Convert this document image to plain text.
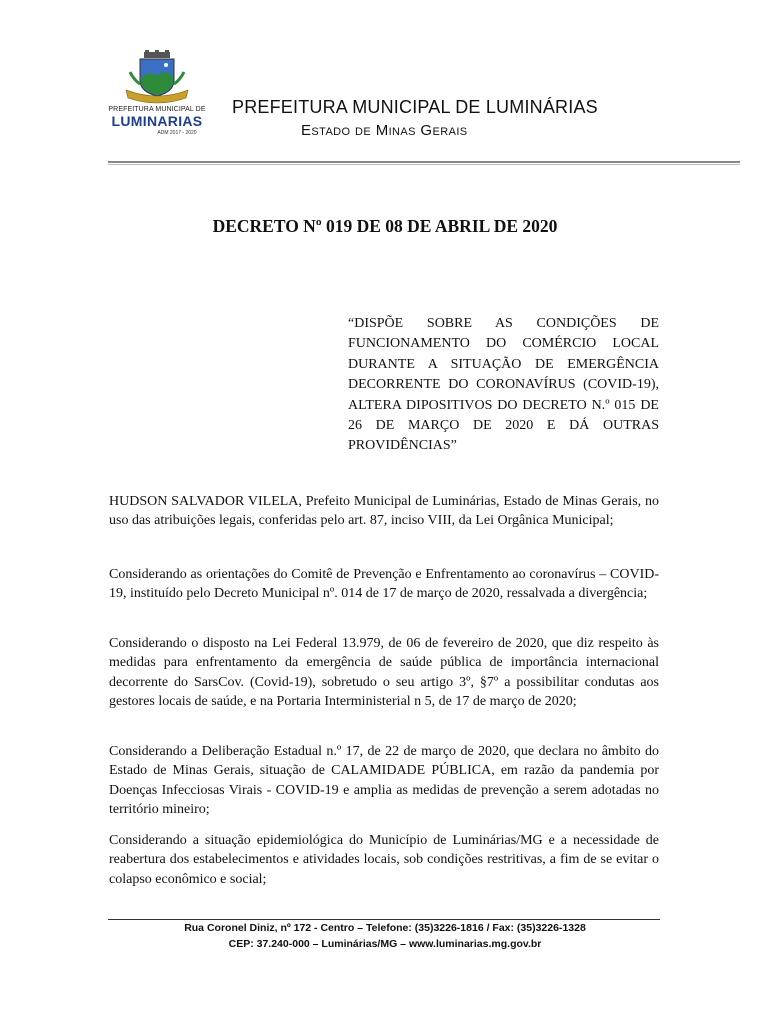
PREFEITURA MUNICIPAL DE
LUMINARIAS
ADM 2017 - 2020
PREFEITURA MUNICIPAL DE LUMINÁRIAS
Estado de Minas Gerais
DECRETO Nº 019 DE 08 DE ABRIL DE 2020
“DISPÕE SOBRE AS CONDIÇÕES DE FUNCIONAMENTO DO COMÉRCIO LOCAL DURANTE A SITUAÇÃO DE EMERGÊNCIA DECORRENTE DO CORONAVÍRUS (COVID-19), ALTERA DIPOSITIVOS DO DECRETO N.º 015 DE 26 DE MARÇO DE 2020 E DÁ OUTRAS PROVIDÊNCIAS”
HUDSON SALVADOR VILELA, Prefeito Municipal de Luminárias, Estado de Minas Gerais, no uso das atribuições legais, conferidas pelo art. 87, inciso VIII, da Lei Orgânica Municipal;
Considerando as orientações do Comitê de Prevenção e Enfrentamento ao coronavírus – COVID-19, instituído pelo Decreto Municipal nº. 014 de 17 de março de 2020, ressalvada a divergência;
Considerando o disposto na Lei Federal 13.979, de 06 de fevereiro de 2020, que diz respeito às medidas para enfrentamento da emergência de saúde pública de importância internacional decorrente do SarsCov. (Covid-19), sobretudo o seu artigo 3º, §7º a possibilitar condutas aos gestores locais de saúde, e na Portaria Interministerial n 5, de 17 de março de 2020;
Considerando a Deliberação Estadual n.º 17, de 22 de março de 2020, que declara no âmbito do Estado de Minas Gerais, situação de CALAMIDADE PÚBLICA, em razão da pandemia por Doenças Infecciosas Virais - COVID-19 e amplia as medidas de prevenção a serem adotadas no território mineiro;
Considerando a situação epidemiológica do Município de Luminárias/MG e a necessidade de reabertura dos estabelecimentos e atividades locais, sob condições restritivas, a fim de se evitar o colapso econômico e social;
Rua Coronel Diniz, nº 172 - Centro – Telefone: (35)3226-1816 / Fax: (35)3226-1328
CEP: 37.240-000 – Luminárias/MG – www.luminarias.mg.gov.br
